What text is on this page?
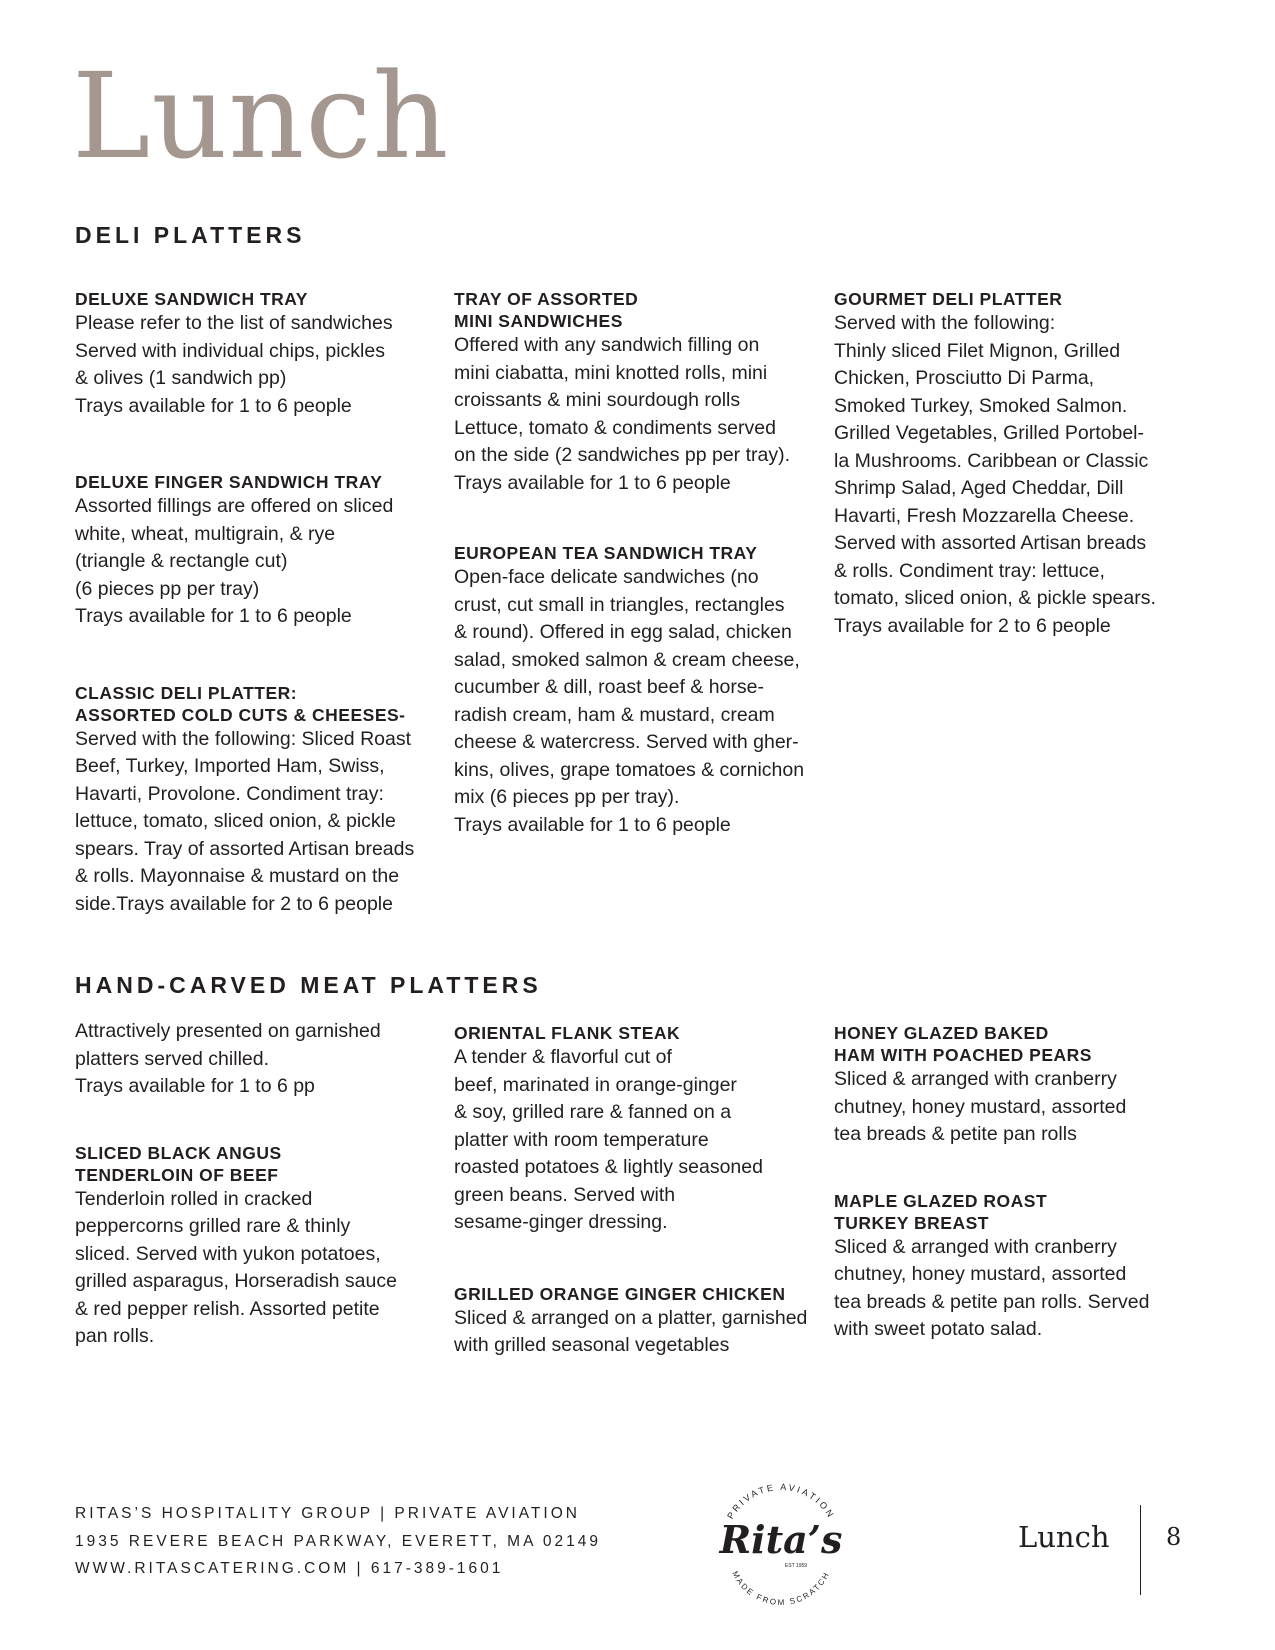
Lunch
DELI PLATTERS

DELUXE SANDWICH TRAY

Please refer to the list of sandwiches
Served with individual chips, pickles
& olives (1 sandwich pp)
Trays available for 1 to 6 people

DELUXE FINGER SANDWICH TRAY

Assorted fillings are offered on sliced
white, wheat, multigrain, & rye
(triangle & rectangle cut)
(6 pieces pp per tray)
Trays available for 1 to 6 people

CLASSIC DELI PLATTER:
ASSORTED COLD CUTS & CHEESES-

Served with the following: Sliced Roast
Beef, Turkey, Imported Ham, Swiss,
Havarti, Provolone. Condiment tray:
lettuce, tomato, sliced onion, & pickle
spears. Tray of assorted Artisan breads
& rolls. Mayonnaise & mustard on the
side.Trays available for 2 to 6 people

TRAY OF ASSORTED
MINI SANDWICHES

Offered with any sandwich filling on
mini ciabatta, mini knotted rolls, mini
croissants & mini sourdough rolls
Lettuce, tomato & condiments served
on the side (2 sandwiches pp per tray).
Trays available for 1 to 6 people

EUROPEAN TEA SANDWICH TRAY

Open-face delicate sandwiches (no
crust, cut small in triangles, rectangles
& round). Offered in egg salad, chicken
salad, smoked salmon & cream cheese,
cucumber & dill, roast beef & horse-
radish cream, ham & mustard, cream
cheese & watercress. Served with gher-
kins, olives, grape tomatoes & cornichon
mix (6 pieces pp per tray).
Trays available for 1 to 6 people

GOURMET DELI PLATTER

Served with the following:
Thinly sliced Filet Mignon, Grilled
Chicken, Prosciutto Di Parma,
Smoked Turkey, Smoked Salmon.
Grilled Vegetables, Grilled Portobel-
la Mushrooms. Caribbean or Classic
Shrimp Salad, Aged Cheddar, Dill
Havarti, Fresh Mozzarella Cheese.
Served with assorted Artisan breads
& rolls. Condiment tray: lettuce,
tomato, sliced onion, & pickle spears.
Trays available for 2 to 6 people

HAND-CARVED MEAT PLATTERS

Attractively presented on garnished
platters served chilled.
Trays available for 1 to 6 pp

SLICED BLACK ANGUS
TENDERLOIN OF BEEF

Tenderloin rolled in cracked
peppercorns grilled rare & thinly
sliced. Served with yukon potatoes,
grilled asparagus, Horseradish sauce
& red pepper relish. Assorted petite
pan rolls.

ORIENTAL FLANK STEAK

A tender & flavorful cut of
beef, marinated in orange-ginger
& soy, grilled rare & fanned on a
platter with room temperature
roasted potatoes & lightly seasoned
green beans. Served with
sesame-ginger dressing.

GRILLED ORANGE GINGER CHICKEN

Sliced & arranged on a platter, garnished
with grilled seasonal vegetables

HONEY GLAZED BAKED
HAM WITH POACHED PEARS

Sliced & arranged with cranberry
chutney, honey mustard, assorted
tea breads & petite pan rolls

MAPLE GLAZED ROAST
TURKEY BREAST

Sliced & arranged with cranberry
chutney, honey mustard, assorted
tea breads & petite pan rolls. Served
with sweet potato salad.

RITAS’S HOSPITALITY GROUP | PRIVATE AVIATION
1935 REVERE BEACH PARKWAY, EVERETT, MA 02149
WWW.RITASCATERING.COM | 617-389-1601
PRIVATE AVIATION
Rita’s
EST 1959
MADE FROM SCRATCH
Lunch 8
